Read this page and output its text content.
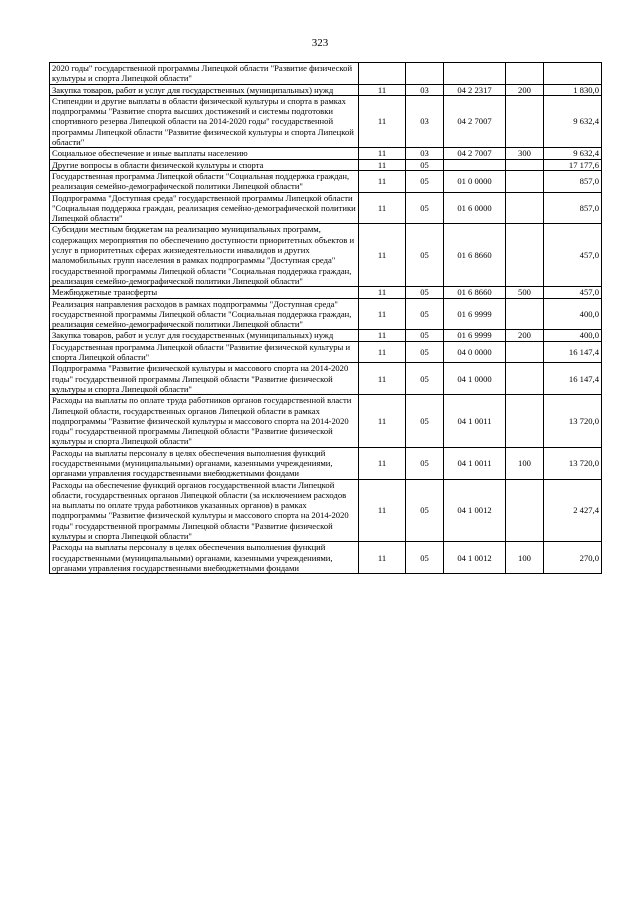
323
2020 годы" государственной программы Липецкой области "Развитие физической культуры и спорта Липецкой области"					
Закупка товаров, работ и услуг для государственных (муниципальных) нужд	11	03	04 2 2317	200	1 830,0
Стипендии и другие выплаты в области физической культуры и спорта в рамках подпрограммы "Развитие спорта высших достижений и системы подготовки спортивного резерва Липецкой области на 2014-2020 годы" государственной программы Липецкой области "Развитие физической культуры и спорта Липецкой области"	11	03	04 2 7007		9 632,4
Социальное обеспечение и иные выплаты населению	11	03	04 2 7007	300	9 632,4
Другие вопросы в области физической культуры и спорта	11	05			17 177,6
Государственная программа Липецкой области "Социальная поддержка граждан, реализация семейно-демографической политики Липецкой области"	11	05	01 0 0000		857,0
Подпрограмма "Доступная среда" государственной программы Липецкой области "Социальная поддержка граждан, реализация семейно-демографической политики Липецкой области"	11	05	01 6 0000		857,0
Субсидии местным бюджетам на реализацию муниципальных программ, содержащих мероприятия по обеспечению доступности приоритетных объектов и услуг в приоритетных сферах жизнедеятельности инвалидов и других маломобильных групп населения в рамках подпрограммы "Доступная среда" государственной программы Липецкой области "Социальная поддержка граждан, реализация семейно-демографической политики Липецкой области"	11	05	01 6 8660		457,0
Межбюджетные трансферты	11	05	01 6 8660	500	457,0
Реализация направления расходов в рамках подпрограммы "Доступная среда" государственной программы Липецкой области "Социальная поддержка граждан, реализация семейно-демографической политики Липецкой области"	11	05	01 6 9999		400,0
Закупка товаров, работ и услуг для государственных (муниципальных) нужд	11	05	01 6 9999	200	400,0
Государственная программа Липецкой области "Развитие физической культуры и спорта Липецкой области"	11	05	04 0 0000		16 147,4
Подпрограмма "Развитие физической культуры и массового спорта на 2014-2020 годы" государственной программы Липецкой области "Развитие физической культуры и спорта Липецкой области"	11	05	04 1 0000		16 147,4
Расходы на выплаты по оплате труда работников органов государственной власти Липецкой области, государственных органов Липецкой области в рамках подпрограммы "Развитие физической культуры и массового спорта на 2014-2020 годы" государственной программы Липецкой области "Развитие физической культуры и спорта Липецкой области"	11	05	04 1 0011		13 720,0
Расходы на выплаты персоналу в целях обеспечения выполнения функций государственными (муниципальными) органами, казенными учреждениями, органами управления государственными внебюджетными фондами	11	05	04 1 0011	100	13 720,0
Расходы на обеспечение функций органов государственной власти Липецкой области, государственных органов Липецкой области (за исключением расходов на выплаты по оплате труда работников указанных органов) в рамках подпрограммы "Развитие физической культуры и массового спорта на 2014-2020 годы" государственной программы Липецкой области "Развитие физической культуры и спорта Липецкой области"	11	05	04 1 0012		2 427,4
Расходы на выплаты персоналу в целях обеспечения выполнения функций государственными (муниципальными) органами, казенными учреждениями, органами управления государственными внебюджетными фондами	11	05	04 1 0012	100	270,0
